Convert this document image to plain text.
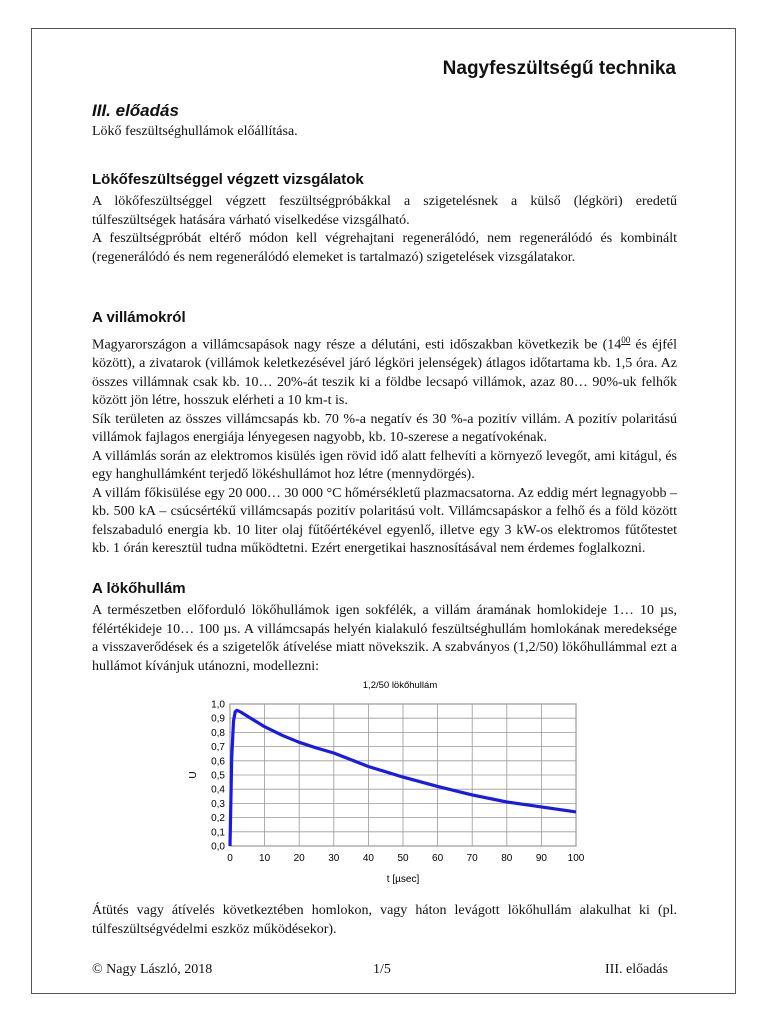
Nagyfeszültségű technika
III. előadás
Lökő feszültséghullámok előállítása.
Lökőfeszültséggel végzett vizsgálatok

A lökőfeszültséggel végzett feszültségpróbákkal a szigetelésnek a külső (légköri) eredetű túlfeszültségek hatására várható viselkedése vizsgálható.

A feszültségpróbát eltérő módon kell végrehajtani regenerálódó, nem regenerálódó és kombinált (regenerálódó és nem regenerálódó elemeket is tartalmazó) szigetelések vizsgálatakor.

A villámokról

Magyarországon a villámcsapások nagy része a délutáni, esti időszakban következik be ($14^{00}$ és éjfél között), a zivatarok (villámok keletkezésével járó légköri jelenségek) átlagos időtartama kb. 1,5 óra. Az összes villámnak csak kb. 10… 20%-át teszik ki a földbe lecsapó villámok, azaz 80… 90%-uk felhők között jön létre, hosszuk elérheti a 10 km-t is.

Sík területen az összes villámcsapás kb. 70 %-a negatív és 30 %-a pozitív villám. A pozitív polaritású villámok fajlagos energiája lényegesen nagyobb, kb. 10-szerese a negatívokénak.

A villámlás során az elektromos kisülés igen rövid idő alatt felhevíti a környező levegőt, ami kitágul, és egy hanghullámként terjedő lökéshullámot hoz létre (mennydörgés).

A villám főkisülése egy 20 000… 30 000 °C hőmérsékletű plazmacsatorna. Az eddig mért legnagyobb – kb. 500 kA – csúcsértékű villámcsapás pozitív polaritású volt. Villámcsapáskor a felhő és a föld között felszabaduló energia kb. 10 liter olaj fűtőértékével egyenlő, illetve egy 3 kW-os elektromos fűtőtestet kb. 1 órán keresztül tudna működtetni. Ezért energetikai hasznosításával nem érdemes foglalkozni.

A lökőhullám

A természetben előforduló lökőhullámok igen sokfélék, a villám áramának homlokideje 1… 10 µs, félértékideje 10… 100 µs. A villámcsapás helyén kialakuló feszültséghullám homlokának meredeksége a visszaverődések és a szigetelők átívelése miatt növekszik. A szabványos (1,2/50) lökőhullámmal ezt a hullámot kívánjuk utánozni, modellezni:

1,2/50 lökőhullám
0,0
0,1
0,2
0,3
0,4
0,5
0,6
0,7
0,8
0,9
1,0
0	10 20 30 40 50 60 70 80 90 100
U
t [µsec]

Átütés vagy átívelés következtében homlokon, vagy háton levágott lökőhullám alakulhat ki (pl. túlfeszültségvédelmi eszköz működésekor).

© Nagy László, 2018	1/5	III. előadás
